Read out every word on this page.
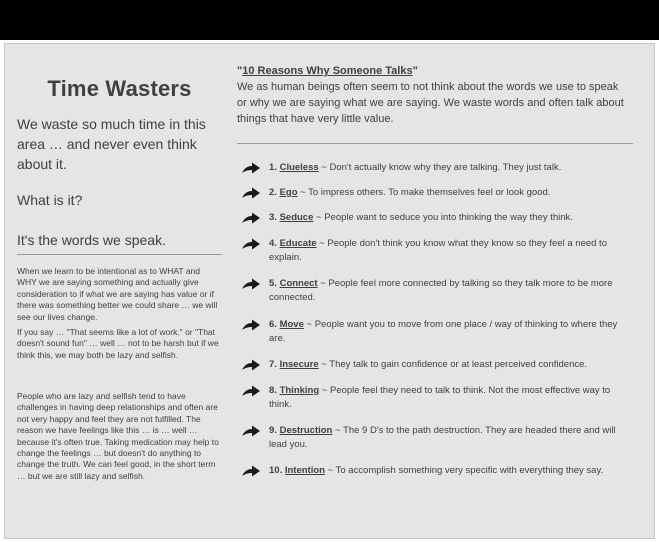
Time Wasters
We waste so much time in this area … and never even think about it.
What is it?
It's the words we speak.
When we learn to be intentional as to WHAT and WHY we are saying something and actually give consideration to if what we are saying has value or if there was something better we could share … we will see our lives change.
If you say … "That seems like a lot of work." or "That doesn't sound fun" … well … not to be harsh but if we think this, we may both be lazy and selfish.
People who are lazy and selfish tend to have challenges in having deep relationships and often are not very happy and feel they are not fulfilled. The reason we have feelings like this … is … well … because it's often true. Taking medication may help to change the feelings … but doesn't do anything to change the truth. We can feel good, in the short term … but we are still lazy and selfish.
"10 Reasons Why Someone Talks"
We as human beings often seem to not think about the words we use to speak or why we are saying what we are saying. We waste words and often talk about things that have very little value.
1. Clueless ~ Don't actually know why they are talking. They just talk.
2. Ego ~ To impress others. To make themselves feel or look good.
3. Seduce ~ People want to seduce you into thinking the way they think.
4. Educate ~ People don't think you know what they know so they feel a need to explain.
5. Connect ~ People feel more connected by talking so they talk more to be more connected.
6. Move ~ People want you to move from one place / way of thinking to where they are.
7. Insecure ~ They talk to gain confidence or at least perceived confidence.
8. Thinking ~ People feel they need to talk to think. Not the most effective way to think.
9. Destruction ~ The 9 D's to the path destruction. They are headed there and will lead you.
10. Intention ~ To accomplish something very specific with everything they say.
